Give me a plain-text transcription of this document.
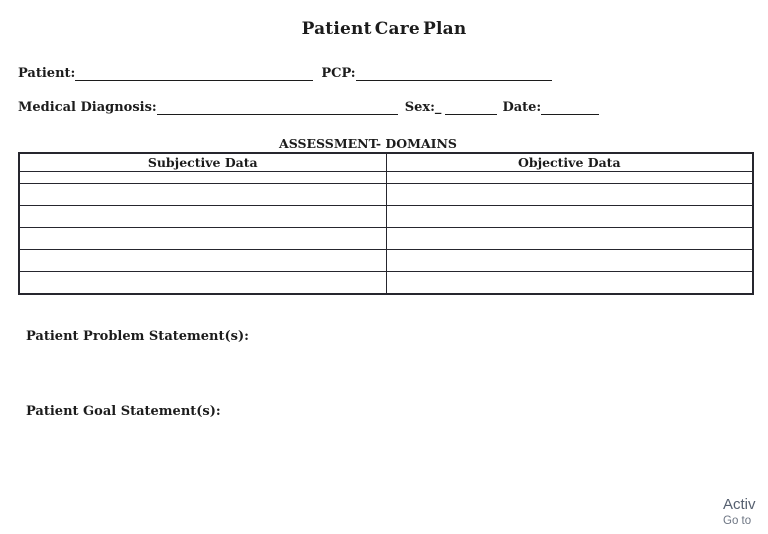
Patient Care Plan
Patient:	PCP:
Medical Diagnosis:	Sex:_	Date:
ASSESSMENT- DOMAINS
Subjective Data	Objective Data

Patient Problem Statement(s):

Patient Goal Statement(s):

Activ
Go to
